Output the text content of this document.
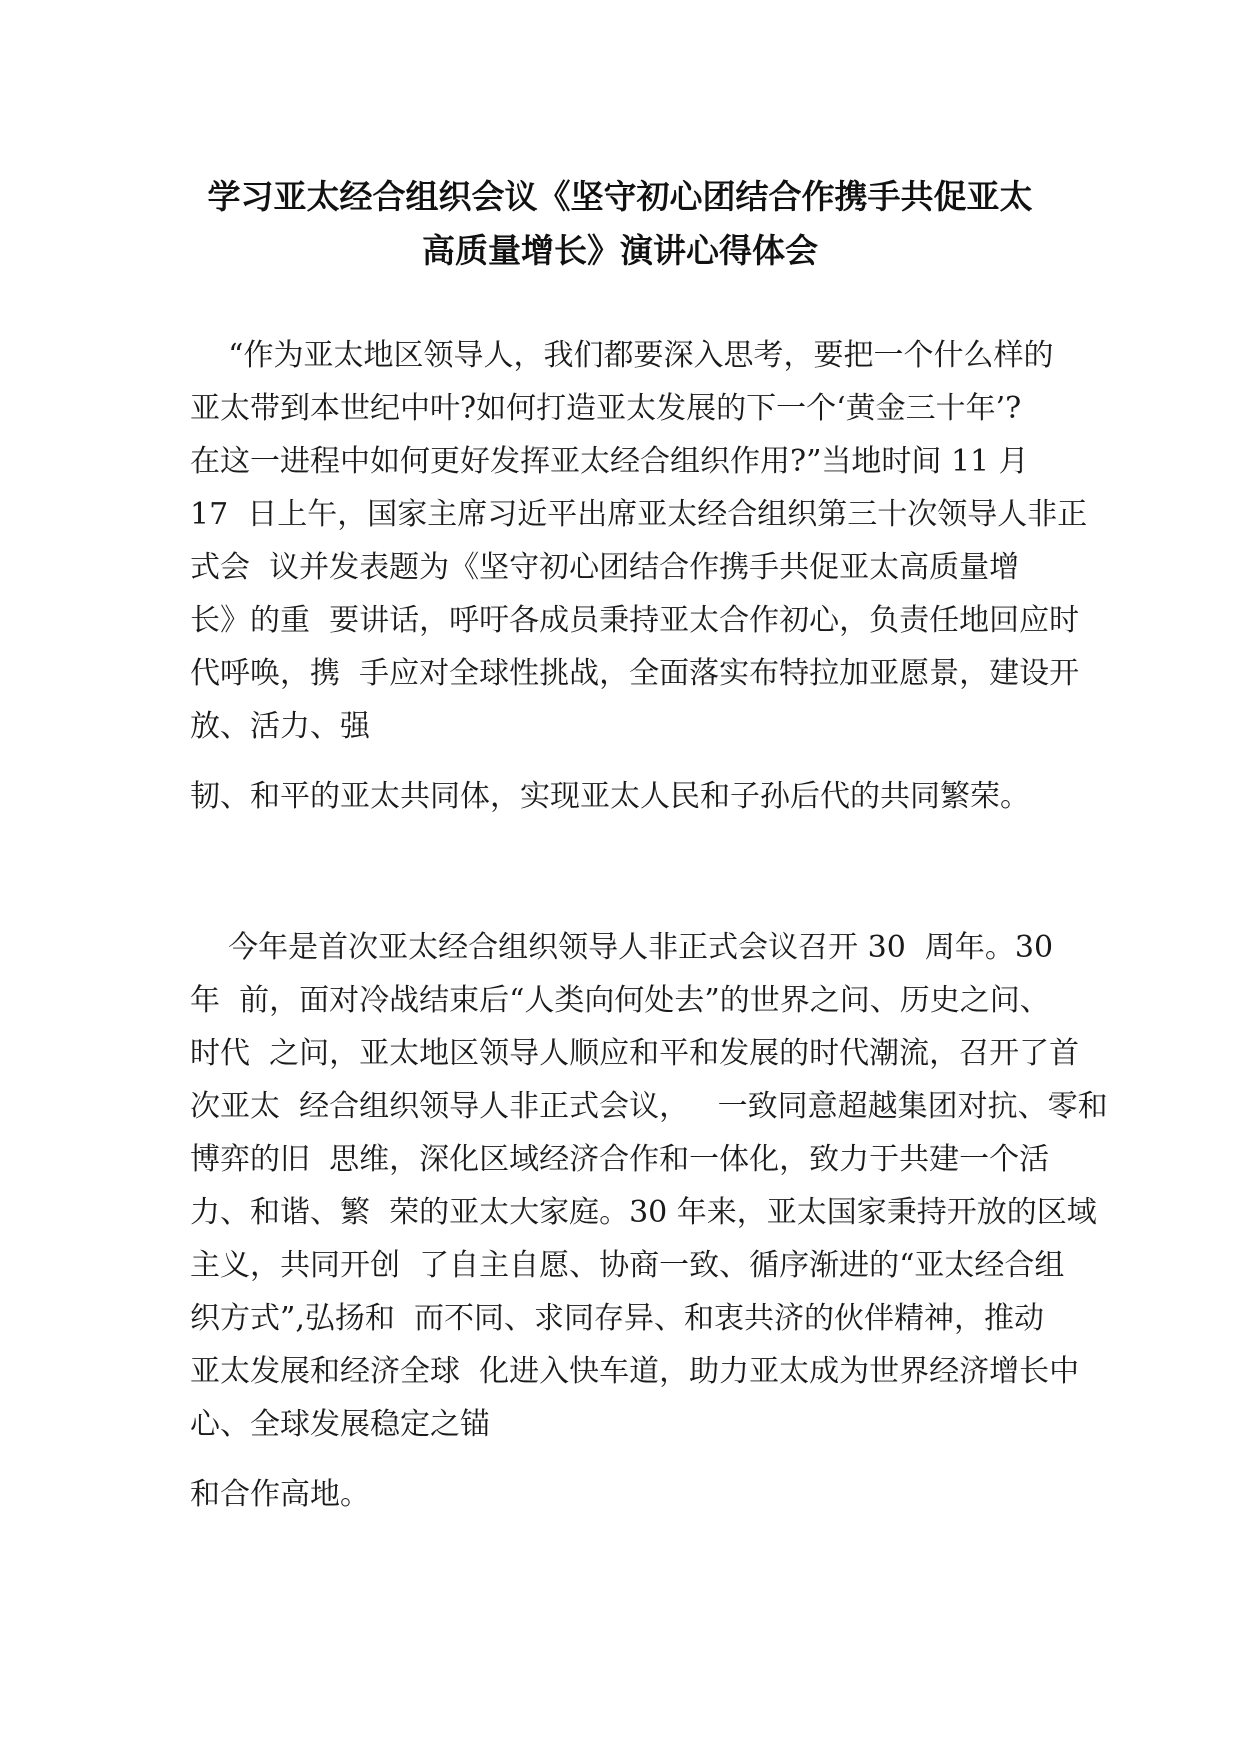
学习亚太经合组织会议《坚守初心团结合作携手共促亚太
高质量增长》演讲心得体会
“作为亚太地区领导人，我们都要深入思考，要把一个什么样的
亚太带到本世纪中叶?如何打造亚太发展的下一个‘黄金三十年’?
在这一进程中如何更好发挥亚太经合组织作用?”当地时间 11 月
17  日上午，国家主席习近平出席亚太经合组织第三十次领导人非正
式会  议并发表题为《坚守初心团结合作携手共促亚太高质量增
长》的重  要讲话，呼吁各成员秉持亚太合作初心，负责任地回应时
代呼唤，携  手应对全球性挑战，全面落实布特拉加亚愿景，建设开
放、活力、强
韧、和平的亚太共同体，实现亚太人民和子孙后代的共同繁荣。
今年是首次亚太经合组织领导人非正式会议召开 30  周年。30
年  前，面对冷战结束后“人类向何处去”的世界之问、历史之问、
时代  之问，亚太地区领导人顺应和平和发展的时代潮流，召开了首
次亚太  经合组织领导人非正式会议，   一致同意超越集团对抗、零和
博弈的旧  思维，深化区域经济合作和一体化，致力于共建一个活
力、和谐、繁  荣的亚太大家庭。30 年来，亚太国家秉持开放的区域
主义，共同开创  了自主自愿、协商一致、循序渐进的“亚太经合组
织方式”,弘扬和  而不同、求同存异、和衷共济的伙伴精神，推动
亚太发展和经济全球  化进入快车道，助力亚太成为世界经济增长中
心、全球发展稳定之锚
和合作高地。
